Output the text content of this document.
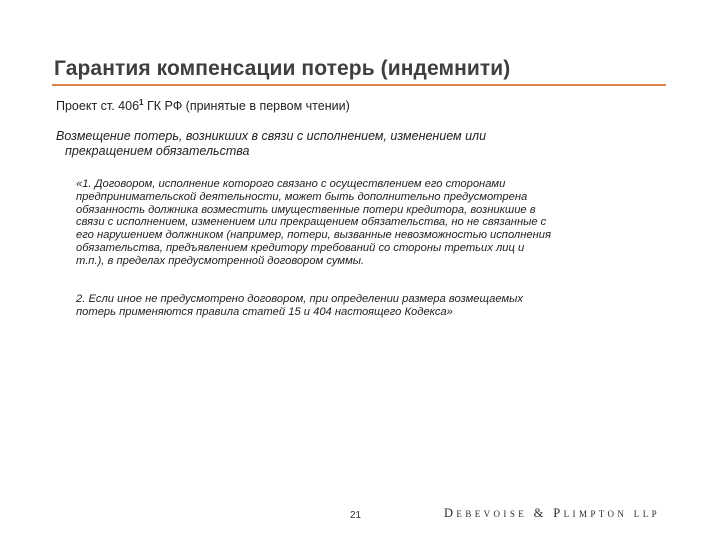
Гарантия компенсации потерь (индемнити)
Проект ст. $406^1$ ГК РФ (принятые в первом чтении)
Возмещение потерь, возникших в связи с исполнением, изменением или
прекращением обязательства
«1. Договором, исполнение которого связано с осуществлением его сторонами
предпринимательской деятельности, может быть дополнительно предусмотрена
обязанность должника возместить имущественные потери кредитора, возникшие в
связи с исполнением, изменением или прекращением обязательства, но не связанные с
его нарушением должником (например, потери, вызванные невозможностью исполнения
обязательства, предъявлением кредитору требований со стороны третьих лиц и
т.п.), в пределах предусмотренной договором суммы.
2. Если иное не предусмотрено договором, при определении размера возмещаемых
потерь применяются правила статей 15 и 404 настоящего Кодекса»
21	Debevoise & Plimpton llp
